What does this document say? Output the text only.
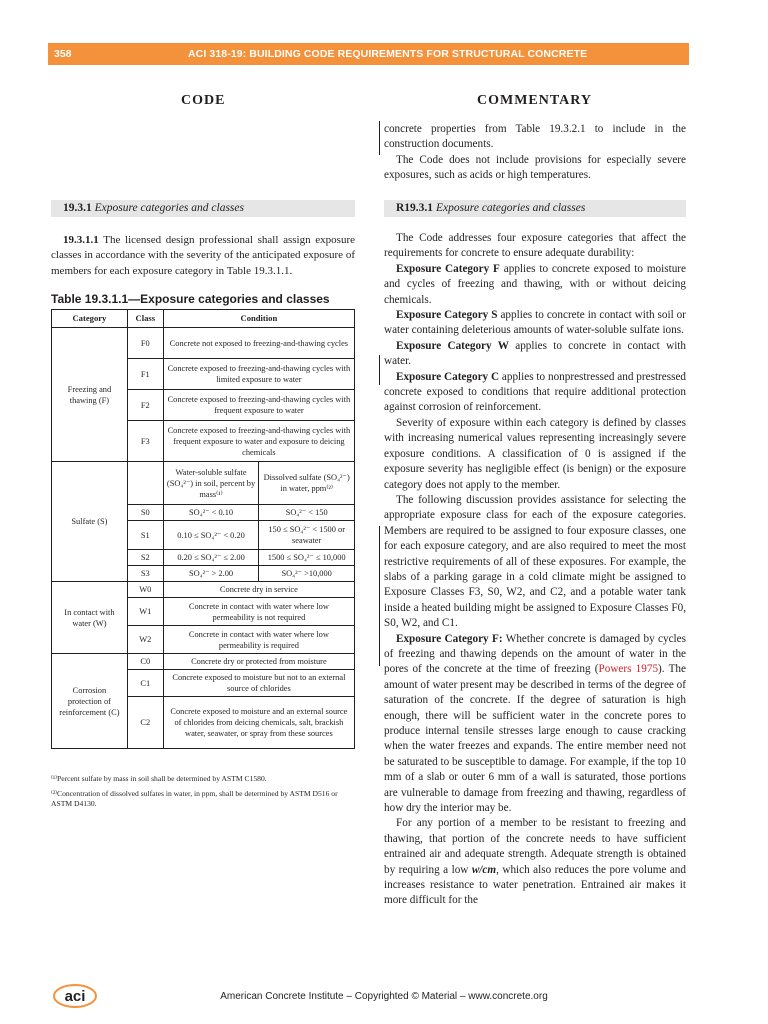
358	ACI 318-19: BUILDING CODE REQUIREMENTS FOR STRUCTURAL CONCRETE
CODE	COMMENTARY

concrete properties from Table 19.3.2.1 to include in the construction documents.

The Code does not include provisions for especially severe exposures, such as acids or high temperatures.

19.3.1 Exposure categories and classes	R19.3.1 Exposure categories and classes

19.3.1.1 The licensed design professional shall assign exposure classes in accordance with the severity of the anticipated exposure of members for each exposure category in Table 19.3.1.1.

Table 19.3.1.1—Exposure categories and classes
Category	Class	Condition	
Freezing and thawing (F)	F0	Concrete not exposed to freezing-and-thawing cycles	
	F1	Concrete exposed to freezing-and-thawing cycles with limited exposure to water	
	F2	Concrete exposed to freezing-and-thawing cycles with frequent exposure to water	
	F3	Concrete exposed to freezing-and-thawing cycles with frequent exposure to water and exposure to deicing chemicals	
Sulfate (S)		Water-soluble sulfate (SO₄²⁻) in soil, percent by mass⁽¹⁾	Dissolved sulfate (SO₄²⁻) in water, ppm⁽²⁾
	S0	SO₄²⁻ < 0.10	SO₄²⁻ < 150
	S1	0.10 ≤ SO₄²⁻ < 0.20	150 ≤ SO₄²⁻ < 1500 or seawater
	S2	0.20 ≤ SO₄²⁻ ≤ 2.00	1500 ≤ SO₄²⁻ ≤ 10,000
	S3	SO₄²⁻ > 2.00	SO₄²⁻ >10,000
In contact with water (W)	W0	Concrete dry in service	
	W1	Concrete in contact with water where low permeability is not required	
	W2	Concrete in contact with water where low permeability is required	
Corrosion protection of reinforcement (C)	C0	Concrete dry or protected from moisture	
	C1	Concrete exposed to moisture but not to an external source of chlorides	
	C2	Concrete exposed to moisture and an external source of chlorides from deicing chemicals, salt, brackish water, seawater, or spray from these sources	
⁽¹⁾Percent sulfate by mass in soil shall be determined by ASTM C1580.
⁽²⁾Concentration of dissolved sulfates in water, in ppm, shall be determined by ASTM D516 or ASTM D4130.

The Code addresses four exposure categories that affect the requirements for concrete to ensure adequate durability:

Exposure Category F applies to concrete exposed to moisture and cycles of freezing and thawing, with or without deicing chemicals.

Exposure Category S applies to concrete in contact with soil or water containing deleterious amounts of water-soluble sulfate ions.

Exposure Category W applies to concrete in contact with water.

Exposure Category C applies to nonprestressed and prestressed concrete exposed to conditions that require additional protection against corrosion of reinforcement.

Severity of exposure within each category is defined by classes with increasing numerical values representing increasingly severe exposure conditions. A classification of 0 is assigned if the exposure severity has negligible effect (is benign) or the exposure category does not apply to the member.

The following discussion provides assistance for selecting the appropriate exposure class for each of the exposure categories. Members are required to be assigned to four exposure classes, one for each exposure category, and are also required to meet the most restrictive requirements of all of these exposures. For example, the slabs of a parking garage in a cold climate might be assigned to Exposure Classes F3, S0, W2, and C2, and a potable water tank inside a heated building might be assigned to Exposure Classes F0, S0, W2, and C1.

Exposure Category F: Whether concrete is damaged by cycles of freezing and thawing depends on the amount of water in the pores of the concrete at the time of freezing (Powers 1975). The amount of water present may be described in terms of the degree of saturation of the concrete. If the degree of saturation is high enough, there will be sufficient water in the concrete pores to produce internal tensile stresses large enough to cause cracking when the water freezes and expands. The entire member need not be saturated to be susceptible to damage. For example, if the top 10 mm of a slab or outer 6 mm of a wall is saturated, those portions are vulnerable to damage from freezing and thawing, regardless of how dry the interior may be.

For any portion of a member to be resistant to freezing and thawing, that portion of the concrete needs to have sufficient entrained air and adequate strength. Adequate strength is obtained by requiring a low w/cm, which also reduces the pore volume and increases resistance to water penetration. Entrained air makes it more difficult for the

aci	American Concrete Institute – Copyrighted © Material – www.concrete.org
